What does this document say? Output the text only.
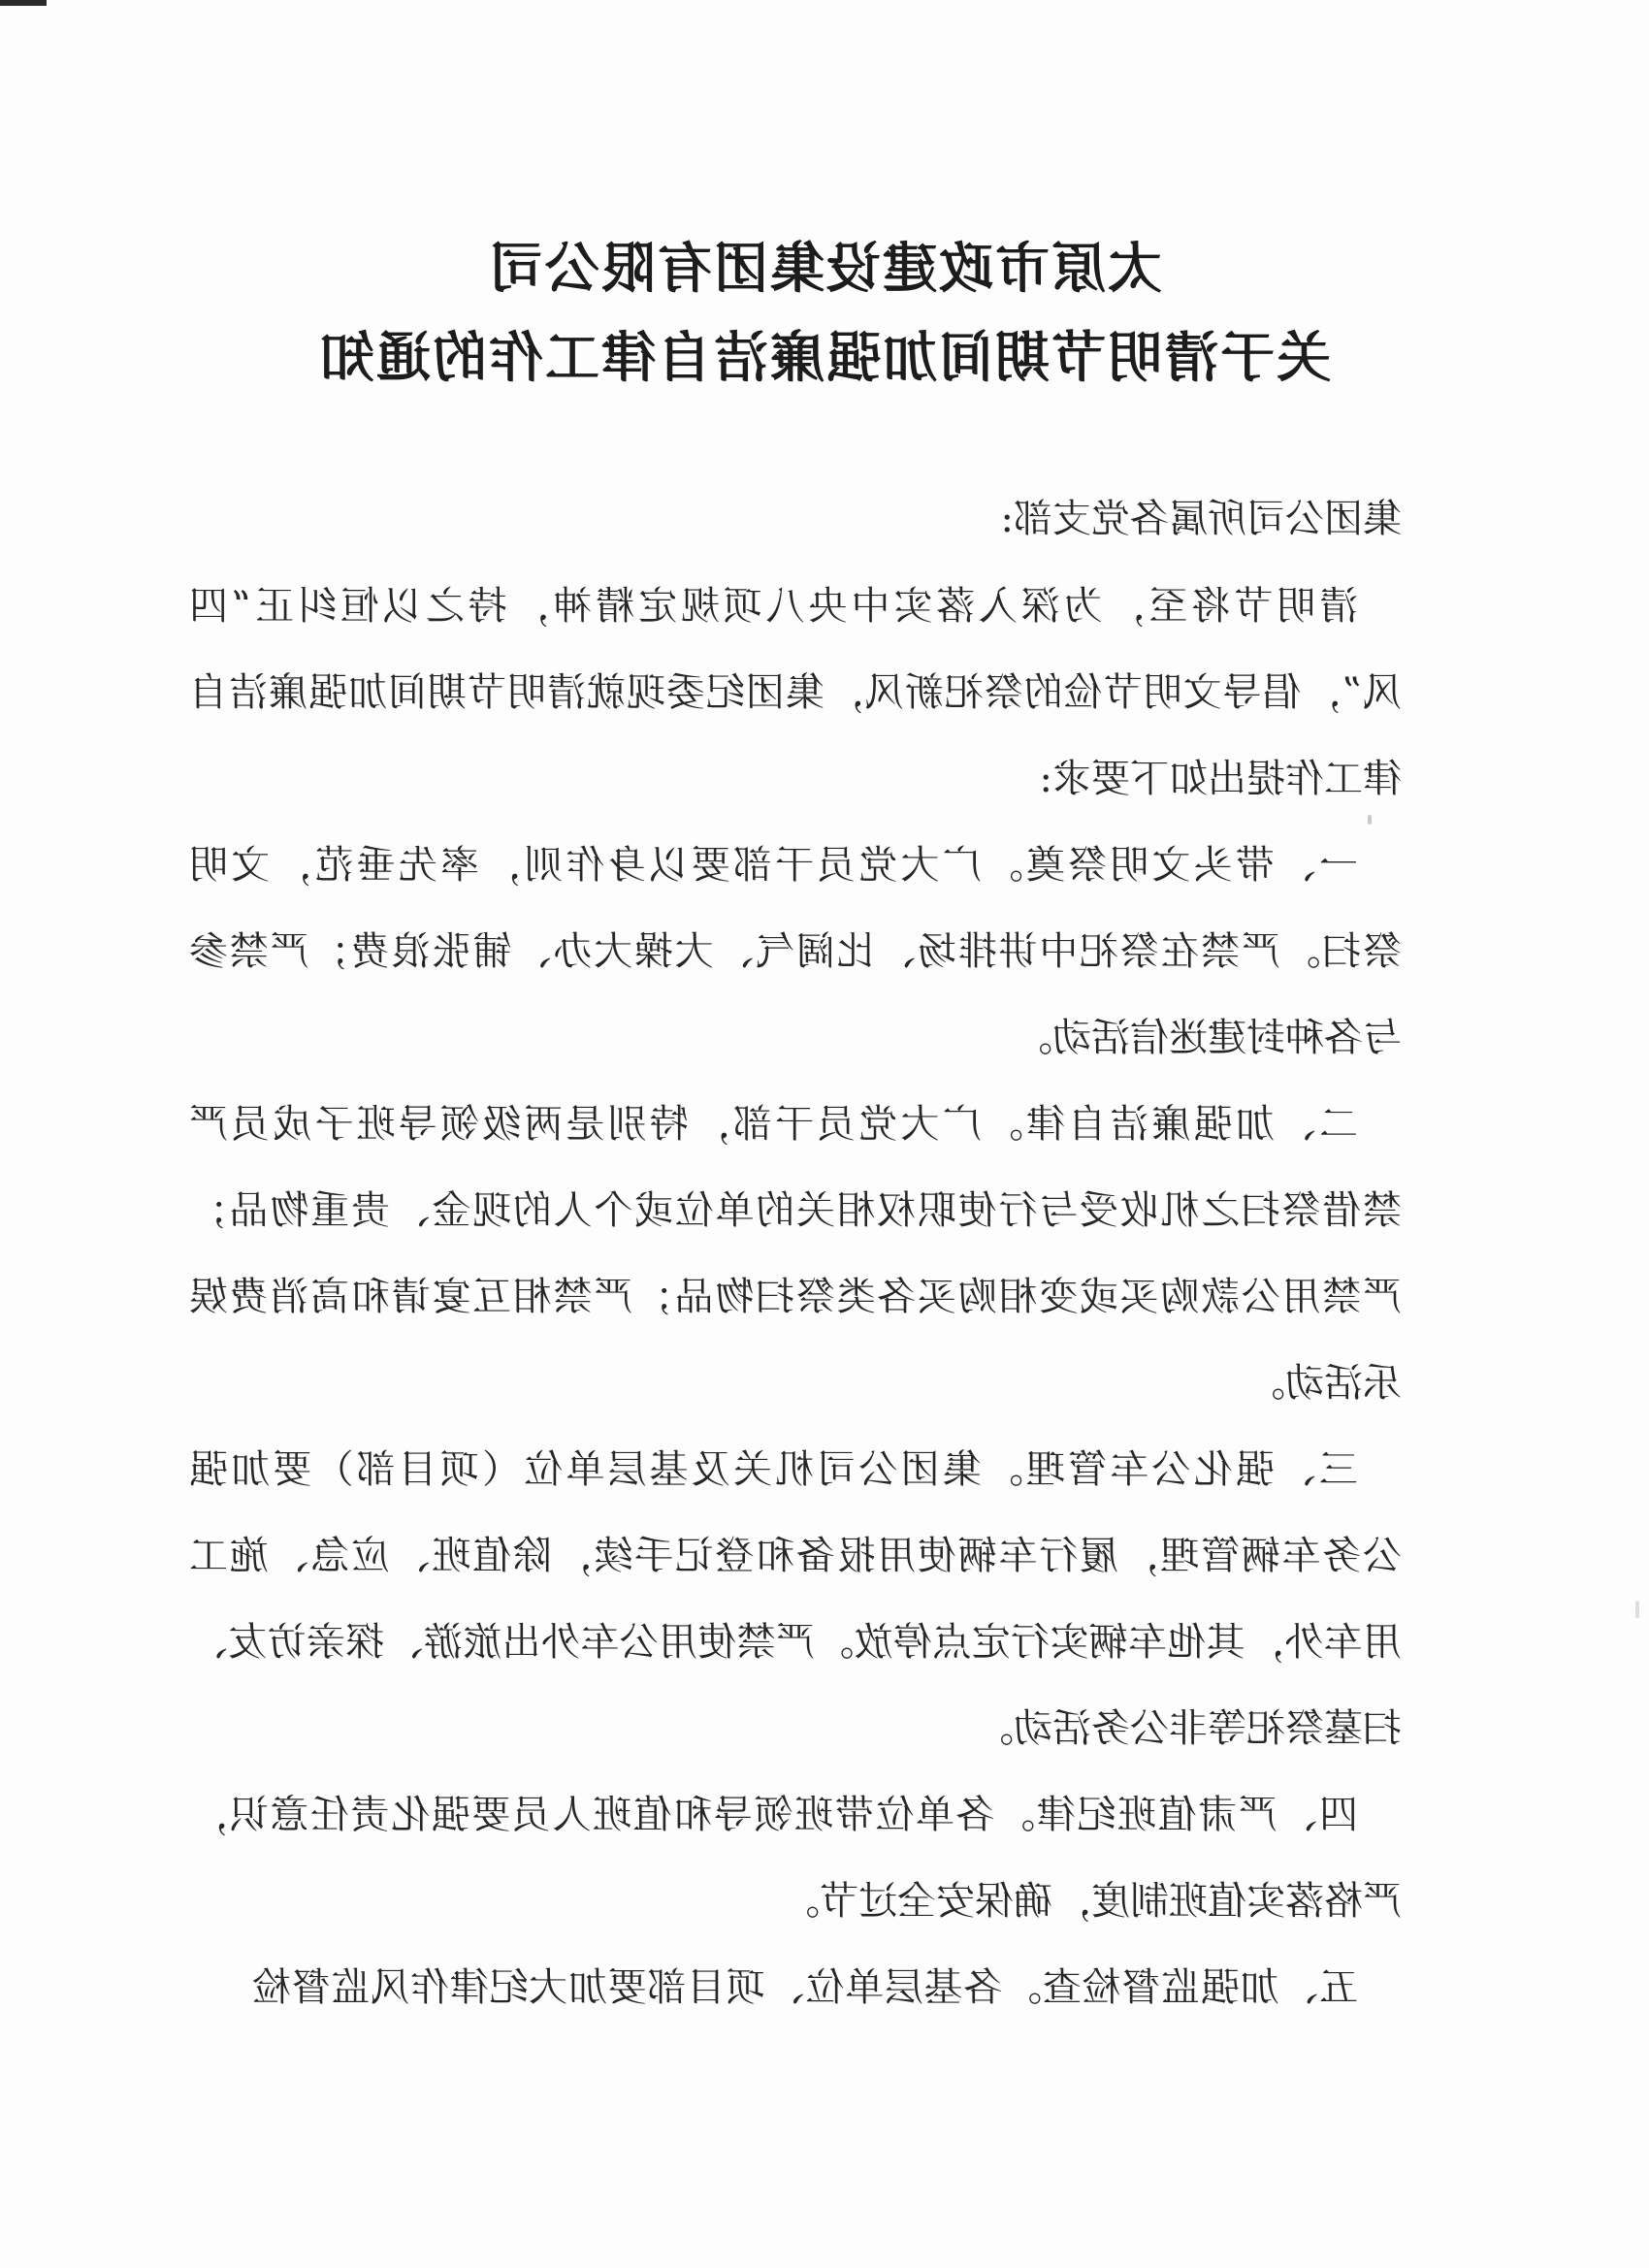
太原市政建设集团有限公司
关于清明节期间加强廉洁自律工作的通知
集团公司所属各党支部:
清明节将至，为深入落实中央八项规定精神，持之以恒纠正“四
风”，倡导文明节俭的祭祀新风，集团纪委现就清明节期间加强廉洁自
律工作提出如下要求:
一、带头文明祭奠。广大党员干部要以身作则，率先垂范，文明
祭扫。严禁在祭祀中讲排场、比阔气、大操大办、铺张浪费；严禁参
与各种封建迷信活动。
二、加强廉洁自律。广大党员干部，特别是两级领导班子成员严
禁借祭扫之机收受与行使职权相关的单位或个人的现金、贵重物品；
严禁用公款购买或变相购买各类祭扫物品；严禁相互宴请和高消费娱
乐活动。
三、强化公车管理。集团公司机关及基层单位（项目部）要加强
公务车辆管理，履行车辆使用报备和登记手续，除值班、应急、施工
用车外，其他车辆实行定点停放。严禁使用公车外出旅游、探亲访友、
扫墓祭祀等非公务活动。
四、严肃值班纪律。各单位带班领导和值班人员要强化责任意识，
严格落实值班制度，确保安全过节。
五、加强监督检查。各基层单位、项目部要加大纪律作风监督检
